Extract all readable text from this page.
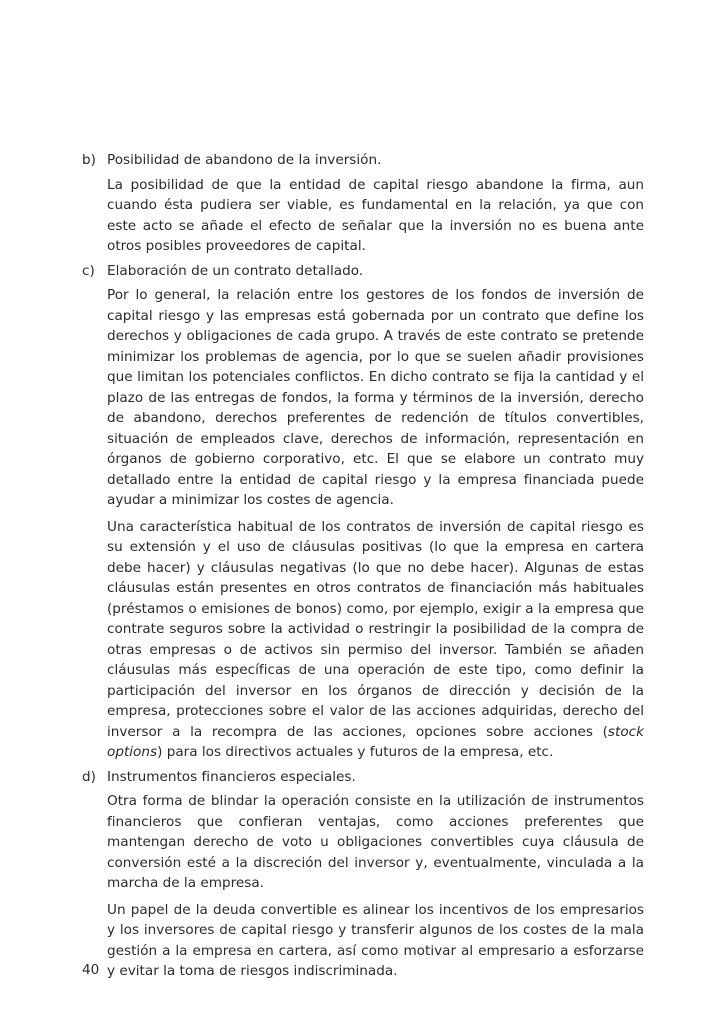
b) Posibilidad de abandono de la inversión.

La posibilidad de que la entidad de capital riesgo abandone la firma, aun cuando ésta pudiera ser viable, es fundamental en la relación, ya que con este acto se añade el efecto de señalar que la inversión no es buena ante otros posibles proveedores de capital.

c) Elaboración de un contrato detallado.

Por lo general, la relación entre los gestores de los fondos de inversión de capital riesgo y las empresas está gobernada por un contrato que define los derechos y obligaciones de cada grupo. A través de este contrato se pretende minimizar los problemas de agencia, por lo que se suelen añadir provisiones que limitan los potenciales conflictos. En dicho contrato se fija la cantidad y el plazo de las entregas de fondos, la forma y términos de la inversión, derecho de abandono, derechos preferentes de redención de títulos convertibles, situación de empleados clave, derechos de información, representación en órganos de gobierno corporativo, etc. El que se elabore un contrato muy detallado entre la entidad de capital riesgo y la empresa financiada puede ayudar a minimizar los costes de agencia.

Una característica habitual de los contratos de inversión de capital riesgo es su extensión y el uso de cláusulas positivas (lo que la empresa en cartera debe hacer) y cláusulas negativas (lo que no debe hacer). Algunas de estas cláusulas están presentes en otros contratos de financiación más habituales (préstamos o emisiones de bonos) como, por ejemplo, exigir a la empresa que contrate seguros sobre la actividad o restringir la posibilidad de la compra de otras empresas o de activos sin permiso del inversor. También se añaden cláusulas más específicas de una operación de este tipo, como definir la participación del inversor en los órganos de dirección y decisión de la empresa, protecciones sobre el valor de las acciones adquiridas, derecho del inversor a la recompra de las acciones, opciones sobre acciones (stock options) para los directivos actuales y futuros de la empresa, etc.

d) Instrumentos financieros especiales.

Otra forma de blindar la operación consiste en la utilización de instrumentos financieros que confieran ventajas, como acciones preferentes que mantengan derecho de voto u obligaciones convertibles cuya cláusula de conversión esté a la discreción del inversor y, eventualmente, vinculada a la marcha de la empresa.

Un papel de la deuda convertible es alinear los incentivos de los empresarios y los inversores de capital riesgo y transferir algunos de los costes de la mala gestión a la empresa en cartera, así como motivar al empresario a esforzarse y evitar la toma de riesgos indiscriminada.

40
